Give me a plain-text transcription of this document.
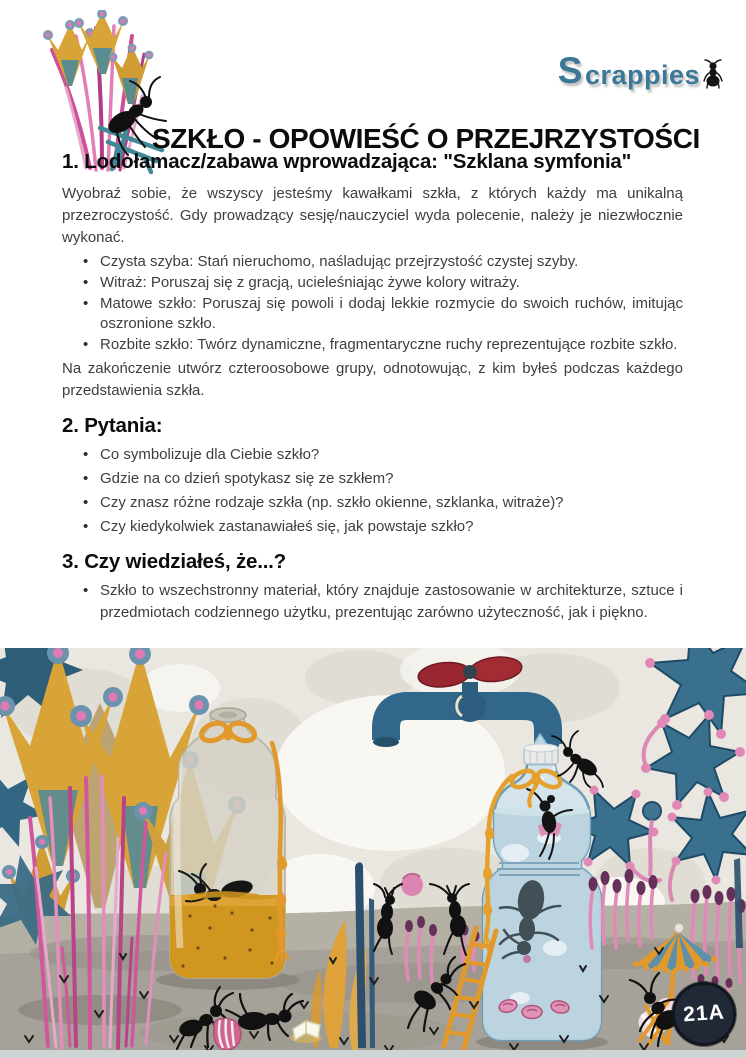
S crappies
SZKŁO - OPOWIEŚĆ O PRZEJRZYSTOŚCI
1. Lodołamacz/zabawa wprowadzająca: "Szklana symfonia"

Wyobraź sobie, że wszyscy jesteśmy kawałkami szkła, z których każdy ma unikalną przezroczystość. Gdy prowadzący sesję/nauczyciel wyda polecenie, należy je niezwłocznie wykonać.

• Czysta szyba: Stań nieruchomo, naśladując przejrzystość czystej szyby.
• Witraż: Poruszaj się z gracją, ucieleśniając żywe kolory witraży.
• Matowe szkło: Poruszaj się powoli i dodaj lekkie rozmycie do swoich ruchów, imitując oszronione szkło.
• Rozbite szkło: Twórz dynamiczne, fragmentaryczne ruchy reprezentujące rozbite szkło.

Na zakończenie utwórz czteroosobowe grupy, odnotowując, z kim byłeś podczas każdego przedstawienia szkła.

2. Pytania:
• Co symbolizuje dla Ciebie szkło?
• Gdzie na co dzień spotykasz się ze szkłem?
• Czy znasz różne rodzaje szkła (np. szkło okienne, szklanka, witraże)?
• Czy kiedykolwiek zastanawiałeś się, jak powstaje szkło?
3. Czy wiedziałeś, że...?
• Szkło to wszechstronny materiał, który znajduje zastosowanie w architekturze, sztuce i przedmiotach codziennego użytku, prezentując zarówno użyteczność, jak i piękno.
21A
